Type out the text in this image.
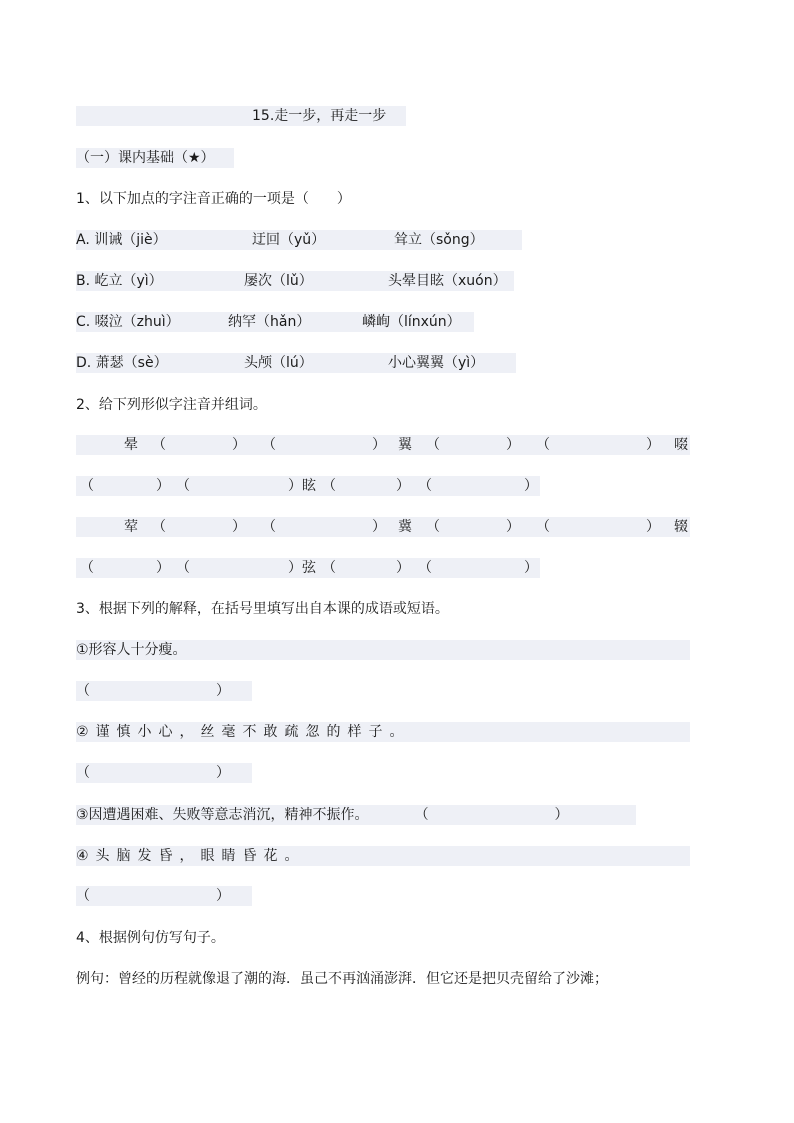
15.走一步，再走一步
（一）课内基础（★）
1、以下加点的字注音正确的一项是（　　）
A. 训诫（jiè）	迂回（yǔ）	耸立（sǒng）
B. 屹立（yì）	屡次（lǔ）	头晕目眩（xuón）
C. 啜泣（zhuì）	纳罕（hǎn）	嶙峋（línxún）
D. 萧瑟（sè）	头颅（lú）	小心翼翼（yì）
2、给下列形似字注音并组词。
晕 （	） （	） 翼 （	） （	） 啜
（	） （	） 眩 （	） （	）
荤 （	） （	） 冀 （	） （	） 辍
（	） （	） 弦 （	） （	）
3、根据下列的解释，在括号里填写出自本课的成语或短语。
①形容人十分瘦。
（　　　　　　　　　）
②谨慎小心，丝毫不敢疏忽的样子。
（　　　　　　　　　）
③因遭遇困难、失败等意志消沉，精神不振作。	（　　　　　　　　　）
④头脑发昏，眼睛昏花。
（　　　　　　　　　）
4、根据例句仿写句子。
例句：曾经的历程就像退了潮的海．虽己不再汹涌澎湃．但它还是把贝壳留给了沙滩；
